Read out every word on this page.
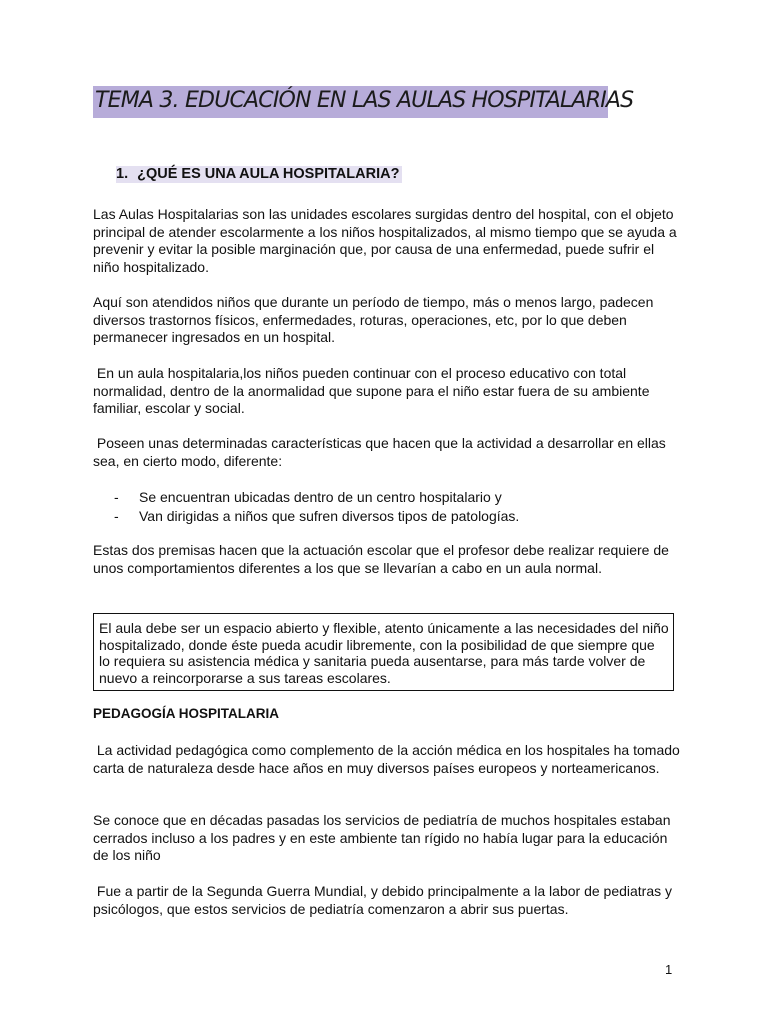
TEMA 3. EDUCACIÓN EN LAS AULAS HOSPITALARIAS
1. ¿QUÉ ES UNA AULA HOSPITALARIA?

Las Aulas Hospitalarias son las unidades escolares surgidas dentro del hospital, con el objeto principal de atender escolarmente a los niños hospitalizados, al mismo tiempo que se ayuda a prevenir y evitar la posible marginación que, por causa de una enfermedad, puede sufrir el niño hospitalizado.

Aquí son atendidos niños que durante un período de tiempo, más o menos largo, padecen diversos trastornos físicos, enfermedades, roturas, operaciones, etc, por lo que deben permanecer ingresados en un hospital.

En un aula hospitalaria,los niños pueden continuar con el proceso educativo con total normalidad, dentro de la anormalidad que supone para el niño estar fuera de su ambiente familiar, escolar y social.

Poseen unas determinadas características que hacen que la actividad a desarrollar en ellas sea, en cierto modo, diferente:

-	Se encuentran ubicadas dentro de un centro hospitalario y
-	Van dirigidas a niños que sufren diversos tipos de patologías.

Estas dos premisas hacen que la actuación escolar que el profesor debe realizar requiere de unos comportamientos diferentes a los que se llevarían a cabo en un aula normal.

El aula debe ser un espacio abierto y flexible, atento únicamente a las necesidades del niño hospitalizado, donde éste pueda acudir libremente, con la posibilidad de que siempre que lo requiera su asistencia médica y sanitaria pueda ausentarse, para más tarde volver de nuevo a reincorporarse a sus tareas escolares.
PEDAGOGÍA HOSPITALARIA

La actividad pedagógica como complemento de la acción médica en los hospitales ha tomado carta de naturaleza desde hace años en muy diversos países europeos y norteamericanos.

Se conoce que en décadas pasadas los servicios de pediatría de muchos hospitales estaban cerrados incluso a los padres y en este ambiente tan rígido no había lugar para la educación de los niño

Fue a partir de la Segunda Guerra Mundial, y debido principalmente a la labor de pediatras y psicólogos, que estos servicios de pediatría comenzaron a abrir sus puertas.

1
